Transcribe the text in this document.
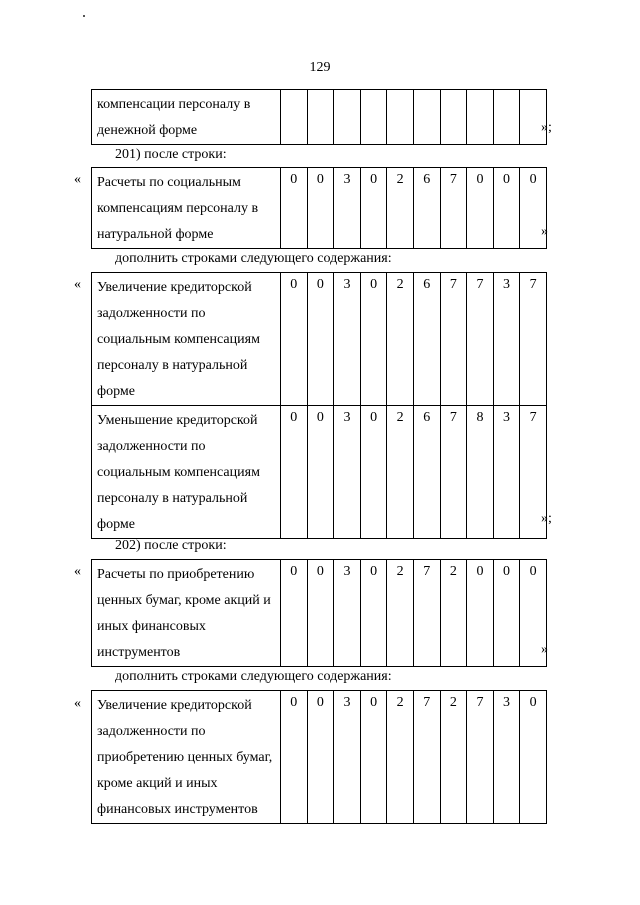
129
компенсации персоналу в денежной форме											»;
201) после строки:
« Расчеты по социальным компенсациям персоналу в натуральной форме	0	0	3	0	2	6	7	0	0	0
»
дополнить строками следующего содержания:
« Увеличение кредиторской задолженности по социальным компенсациям персоналу в натуральной форме	0	0	3	0	2	6	7	7	3	7
Уменьшение кредиторской задолженности по социальным компенсациям персоналу в натуральной форме	0	0	3	0	2	6	7	8	3	7
»;
202) после строки:
« Расчеты по приобретению ценных бумаг, кроме акций и иных финансовых инструментов	0	0	3	0	2	7	2	0	0	0
»
дополнить строками следующего содержания:
« Увеличение кредиторской задолженности по приобретению ценных бумаг, кроме акций и иных финансовых инструментов	0	0	3	0	2	7	2	7	3	0
